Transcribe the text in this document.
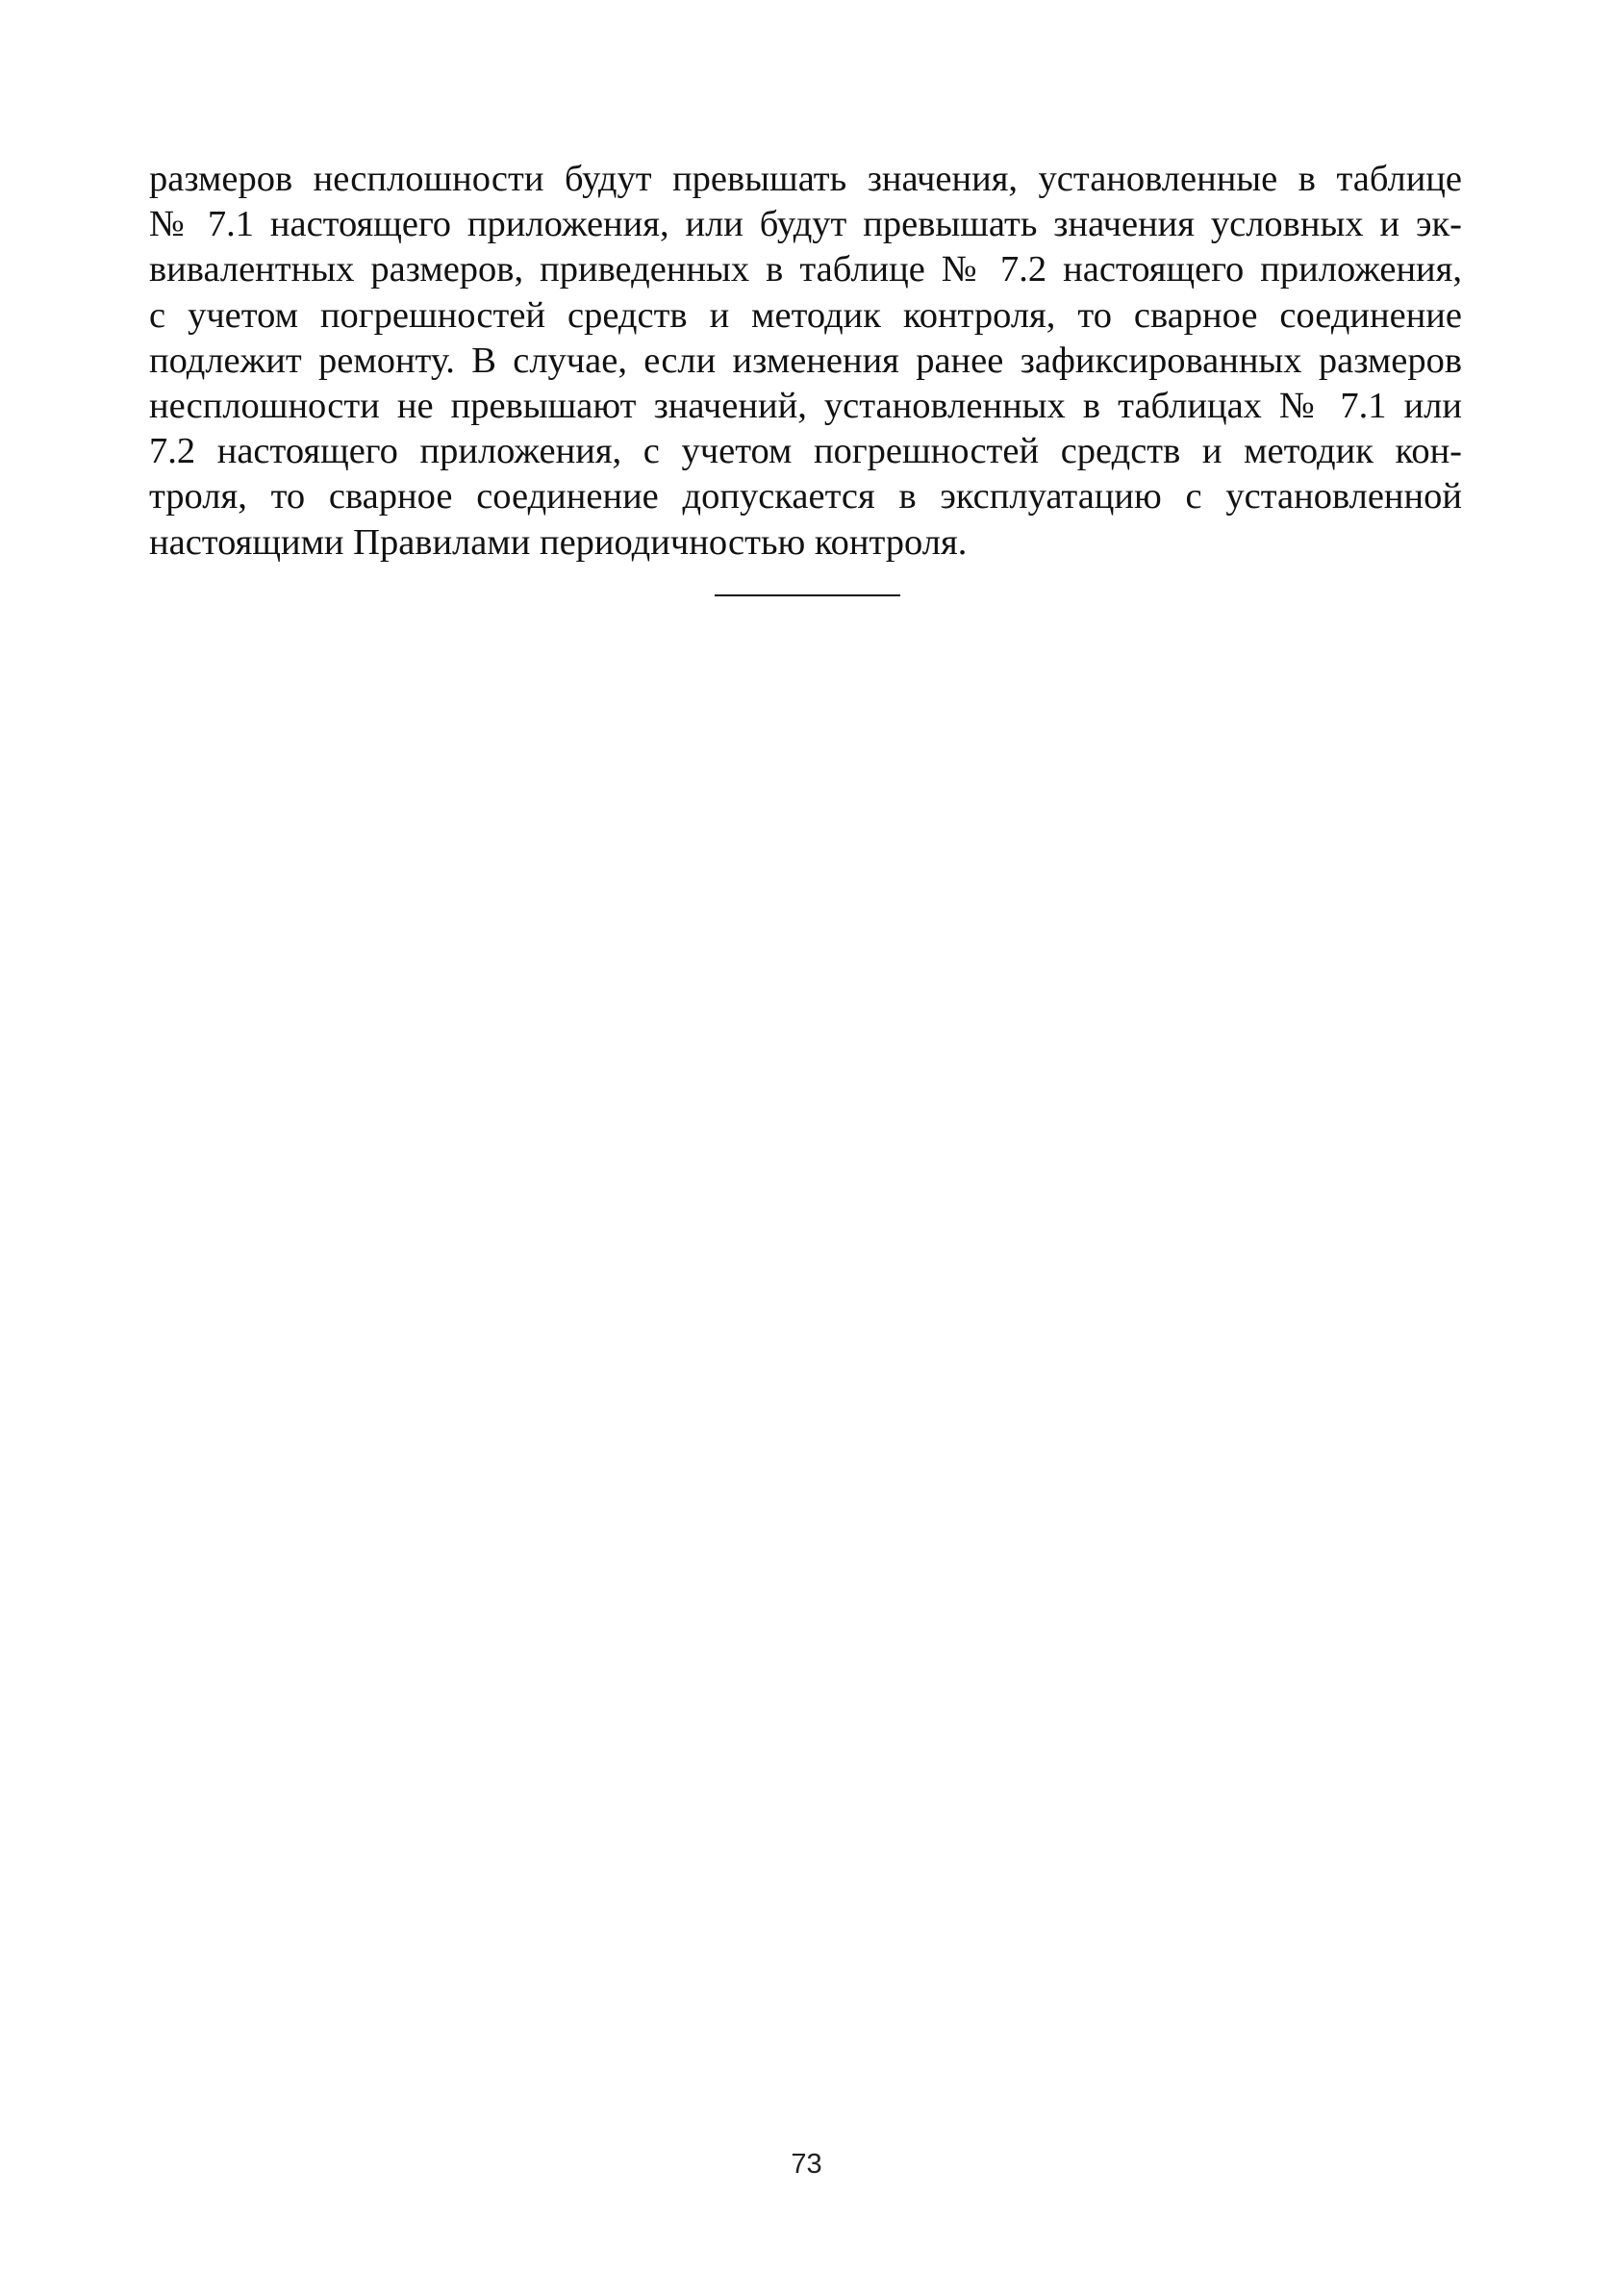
размеров несплошности будут превышать значения, установленные в таблице
№ 7.1 настоящего приложения, или будут превышать значения условных и эк-
вивалентных размеров, приведенных в таблице № 7.2 настоящего приложения,
с учетом погрешностей средств и методик контроля, то сварное соединение
подлежит ремонту. В случае, если изменения ранее зафиксированных размеров
несплошности не превышают значений, установленных в таблицах № 7.1 или
7.2 настоящего приложения, с учетом погрешностей средств и методик кон-
троля, то сварное соединение допускается в эксплуатацию с установленной
настоящими Правилами периодичностью контроля.
73
